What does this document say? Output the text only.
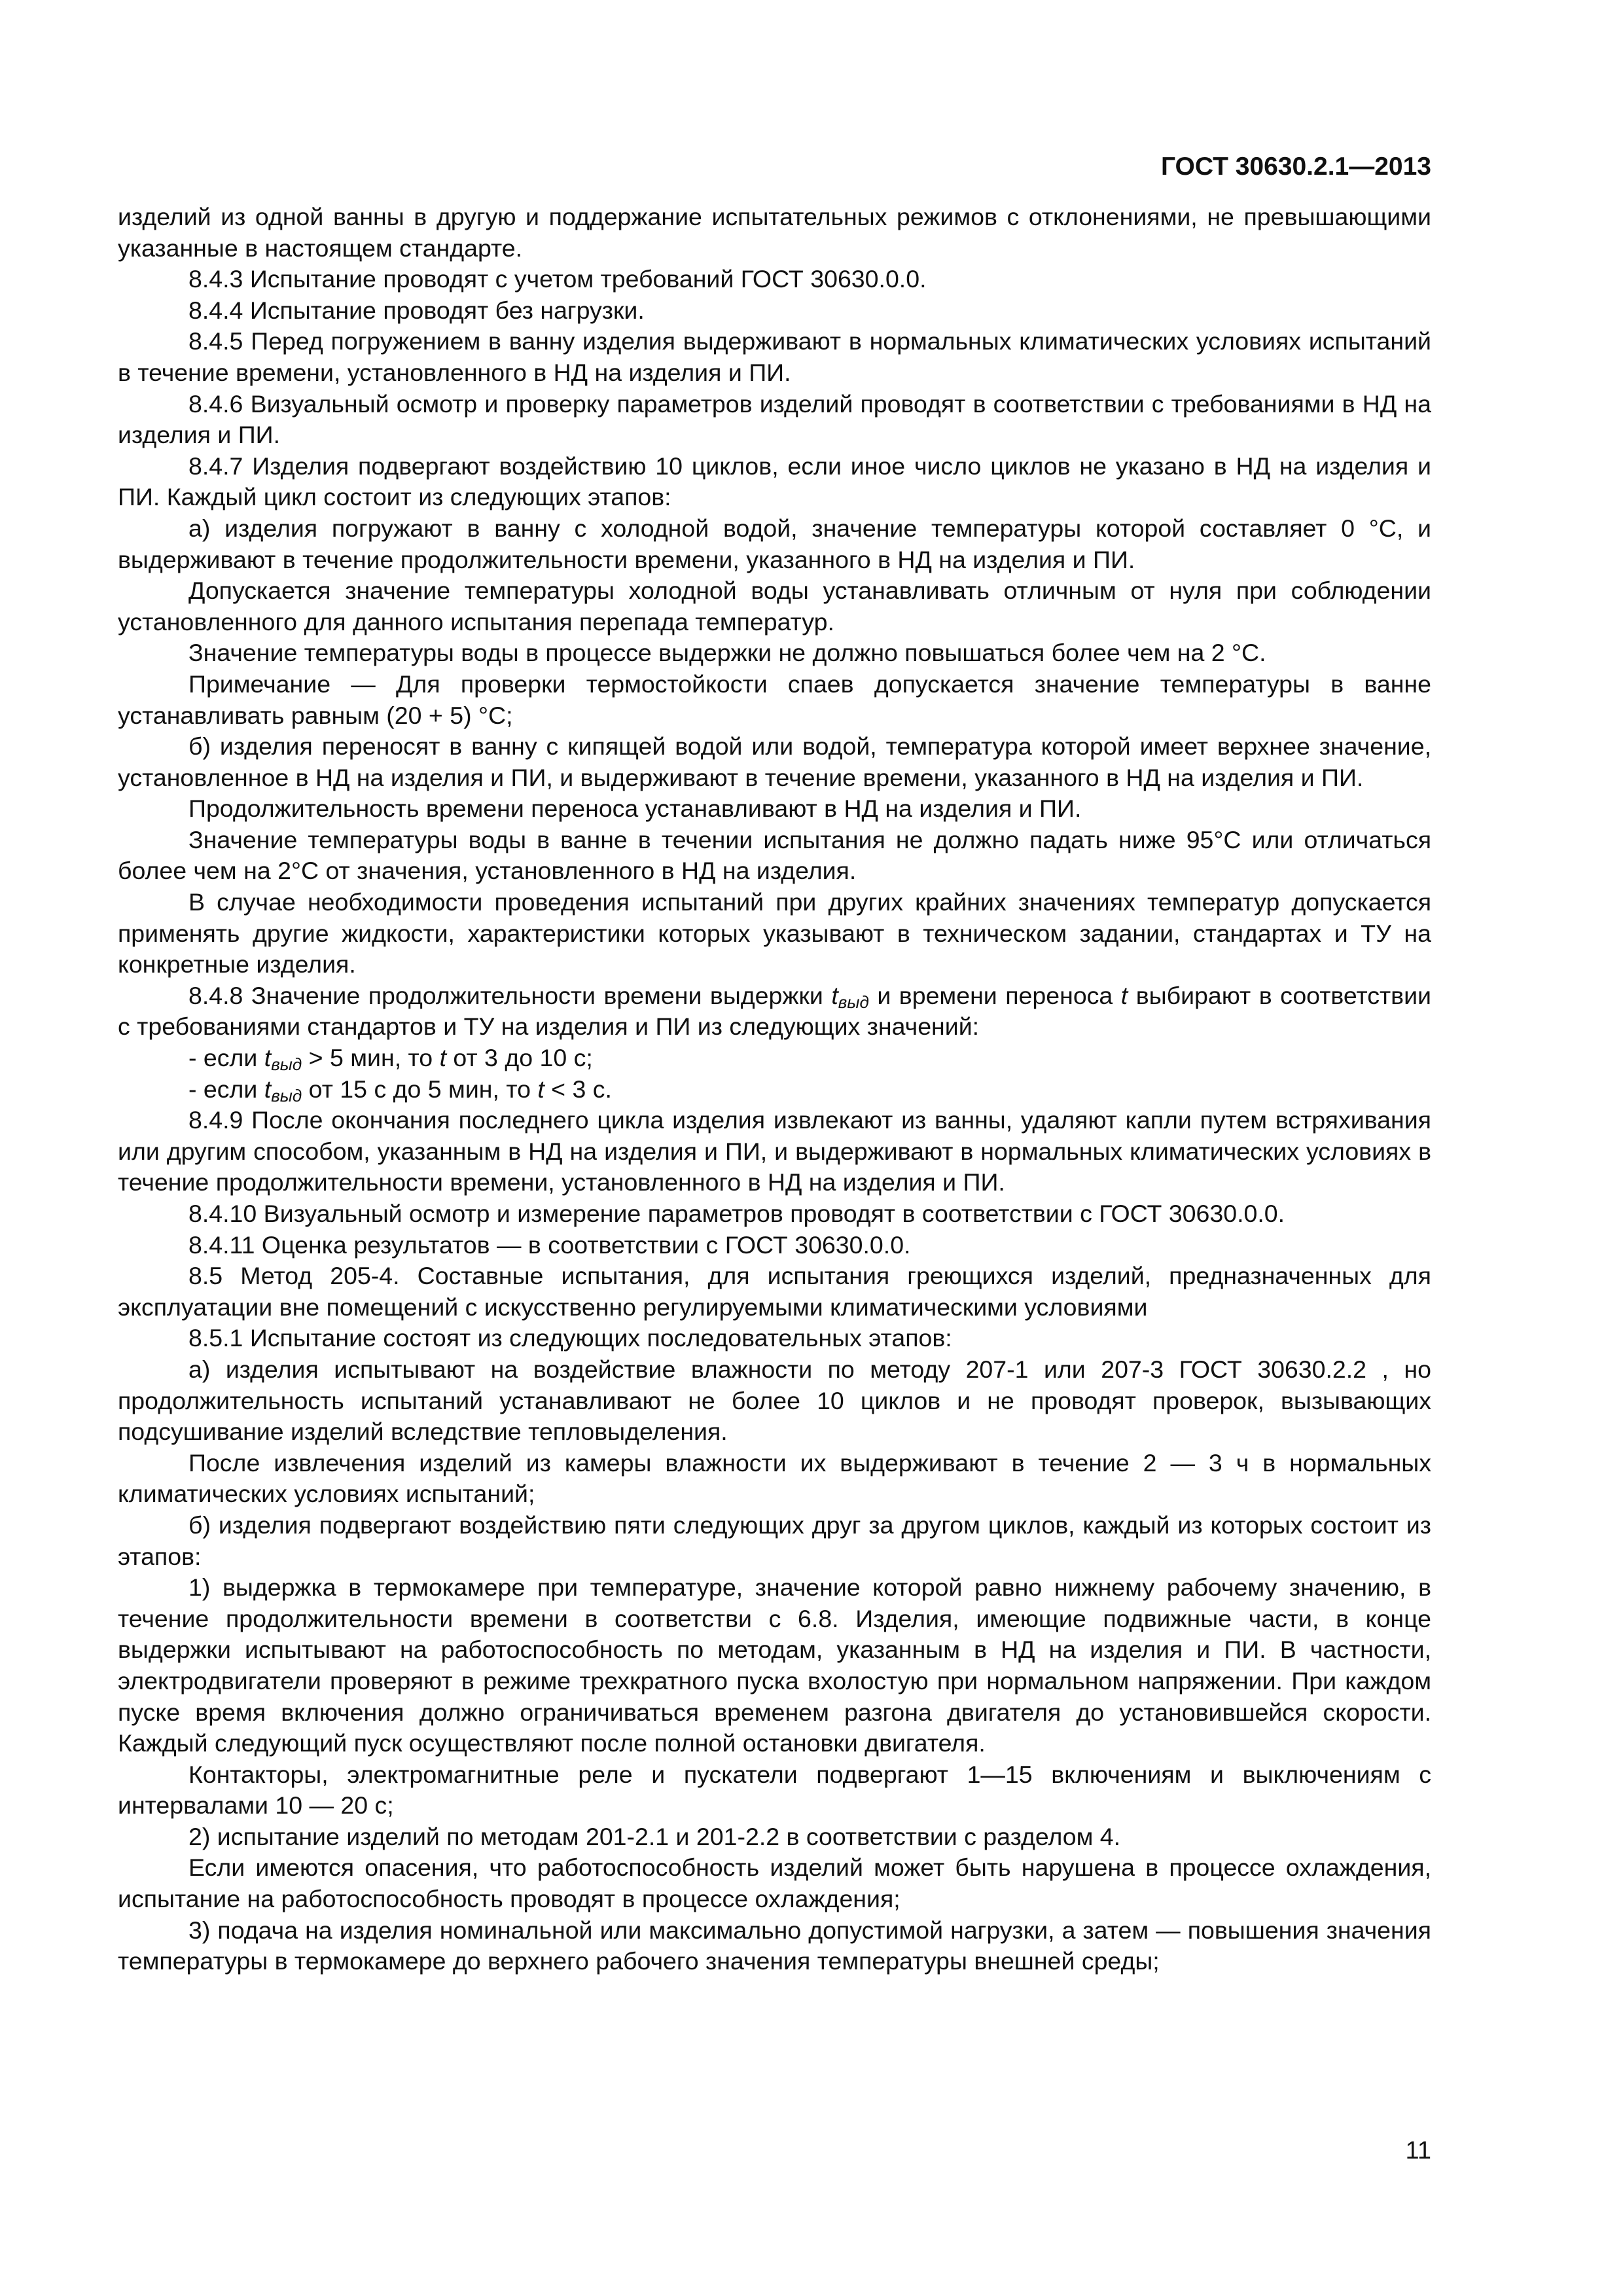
ГОСТ 30630.2.1—2013

изделий из одной ванны в другую и поддержание испытательных режимов с отклонениями, не превышающими указанные в настоящем стандарте.

8.4.3 Испытание проводят с учетом требований ГОСТ 30630.0.0.

8.4.4 Испытание проводят без нагрузки.

8.4.5 Перед погружением в ванну изделия выдерживают в нормальных климатических условиях испытаний в течение времени, установленного в НД на изделия и ПИ.

8.4.6 Визуальный осмотр и проверку параметров изделий проводят в соответствии с требованиями в НД на изделия и ПИ.

8.4.7 Изделия подвергают воздействию 10 циклов, если иное число циклов не указано в НД на изделия и ПИ. Каждый цикл состоит из следующих этапов:

а) изделия погружают в ванну с холодной водой, значение температуры которой составляет 0 °С, и выдерживают в течение продолжительности времени, указанного в НД на изделия и ПИ.

Допускается значение температуры холодной воды устанавливать отличным от нуля при соблюдении установленного для данного испытания перепада температур.

Значение температуры воды в процессе выдержки не должно повышаться более чем на 2 °С.

Примечание — Для проверки термостойкости спаев допускается значение температуры в ванне устанавливать равным (20 + 5) °С;

б) изделия переносят в ванну с кипящей водой или водой, температура которой имеет верхнее значение, установленное в НД на изделия и ПИ, и выдерживают в течение времени, указанного в НД на изделия и ПИ.

Продолжительность времени переноса устанавливают в НД на изделия и ПИ.

Значение температуры воды в ванне в течении испытания не должно падать ниже 95°С или отличаться более чем на 2°С от значения, установленного в НД на изделия.

В случае необходимости проведения испытаний при других крайних значениях температур допускается применять другие жидкости, характеристики которых указывают в техническом задании, стандартах и ТУ на конкретные изделия.

8.4.8 Значение продолжительности времени выдержки $t_{выд}$ и времени переноса t выбирают в соответствии с требованиями стандартов и ТУ на изделия и ПИ из следующих значений:

- если $t_{выд} > 5$ мин, то t от 3 до 10 с;

- если $t_{выд}$ от 15 с до 5 мин, то t < 3 с.

8.4.9 После окончания последнего цикла изделия извлекают из ванны, удаляют капли путем встряхивания или другим способом, указанным в НД на изделия и ПИ, и выдерживают в нормальных климатических условиях в течение продолжительности времени, установленного в НД на изделия и ПИ.

8.4.10 Визуальный осмотр и измерение параметров проводят в соответствии с ГОСТ 30630.0.0.

8.4.11 Оценка результатов — в соответствии с ГОСТ 30630.0.0.

8.5 Метод 205-4. Составные испытания, для испытания греющихся изделий, предназначенных для эксплуатации вне помещений с искусственно регулируемыми климатическими условиями

8.5.1 Испытание состоят из следующих последовательных этапов:

а) изделия испытывают на воздействие влажности по методу 207-1 или 207-3 ГОСТ 30630.2.2 , но продолжительность испытаний устанавливают не более 10 циклов и не проводят проверок, вызывающих подсушивание изделий вследствие тепловыделения.

После извлечения изделий из камеры влажности их выдерживают в течение 2 — 3 ч в нормальных климатических условиях испытаний;

б) изделия подвергают воздействию пяти следующих друг за другом циклов, каждый из которых состоит из этапов:

1) выдержка в термокамере при температуре, значение которой равно нижнему рабочему значению, в течение продолжительности времени в соответстви с 6.8. Изделия, имеющие подвижные части, в конце выдержки испытывают на работоспособность по методам, указанным в НД на изделия и ПИ. В частности, электродвигатели проверяют в режиме трехкратного пуска вхолостую при нормальном напряжении. При каждом пуске время включения должно ограничиваться временем разгона двигателя до установившейся скорости. Каждый следующий пуск осуществляют после полной остановки двигателя.

Контакторы, электромагнитные реле и пускатели подвергают 1—15 включениям и выключениям с интервалами 10 — 20 с;

2) испытание изделий по методам 201-2.1 и 201-2.2 в соответствии с разделом 4.

Если имеются опасения, что работоспособность изделий может быть нарушена в процессе охлаждения, испытание на работоспособность проводят в процессе охлаждения;

3) подача на изделия номинальной или максимально допустимой нагрузки, а затем — повышения значения температуры в термокамере до верхнего рабочего значения температуры внешней среды;

11
